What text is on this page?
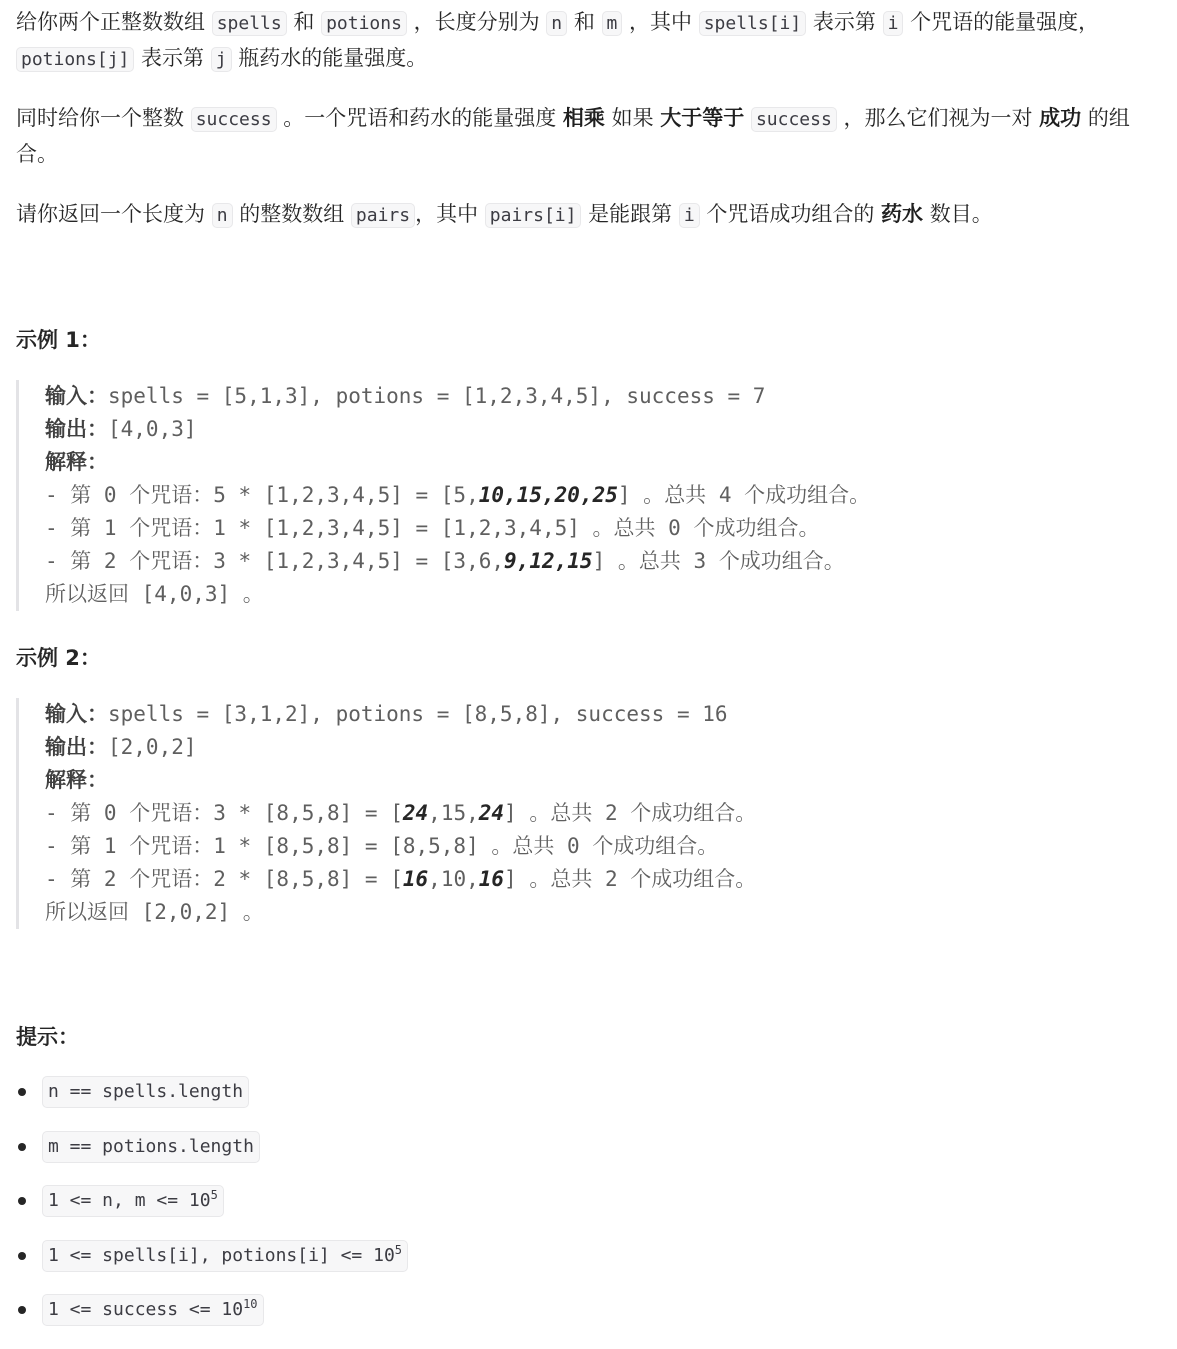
给你两个正整数数组 spells 和 potions ，长度分别为 n 和 m ，其中 spells[i] 表示第 i 个咒语的能量强度，
potions[j] 表示第 j 瓶药水的能量强度。

同时给你一个整数 success 。一个咒语和药水的能量强度 相乘 如果 大于等于 success ，那么它们视为一对 成功 的组合。

请你返回一个长度为 n 的整数数组 pairs ，其中 pairs[i] 是能跟第 i 个咒语成功组合的 药水 数目。

示例 1：
输入：spells = [5,1,3], potions = [1,2,3,4,5], success = 7
输出：[4,0,3]
解释：
- 第 0 个咒语：5 * [1,2,3,4,5] = [5,10,15,20,25] 。总共 4 个成功组合。
- 第 1 个咒语：1 * [1,2,3,4,5] = [1,2,3,4,5] 。总共 0 个成功组合。
- 第 2 个咒语：3 * [1,2,3,4,5] = [3,6,9,12,15] 。总共 3 个成功组合。
所以返回 [4,0,3] 。
示例 2：
输入：spells = [3,1,2], potions = [8,5,8], success = 16
输出：[2,0,2]
解释：
- 第 0 个咒语：3 * [8,5,8] = [24,15,24] 。总共 2 个成功组合。
- 第 1 个咒语：1 * [8,5,8] = [8,5,8] 。总共 0 个成功组合。
- 第 2 个咒语：2 * [8,5,8] = [16,10,16] 。总共 2 个成功组合。
所以返回 [2,0,2] 。
提示：
n == spells.length
m == potions.length
1 <= n, $m <= 10^5$
1 <= spells[i], potions[i] <= $10^5$
1 <= success <= $10^{10}$
